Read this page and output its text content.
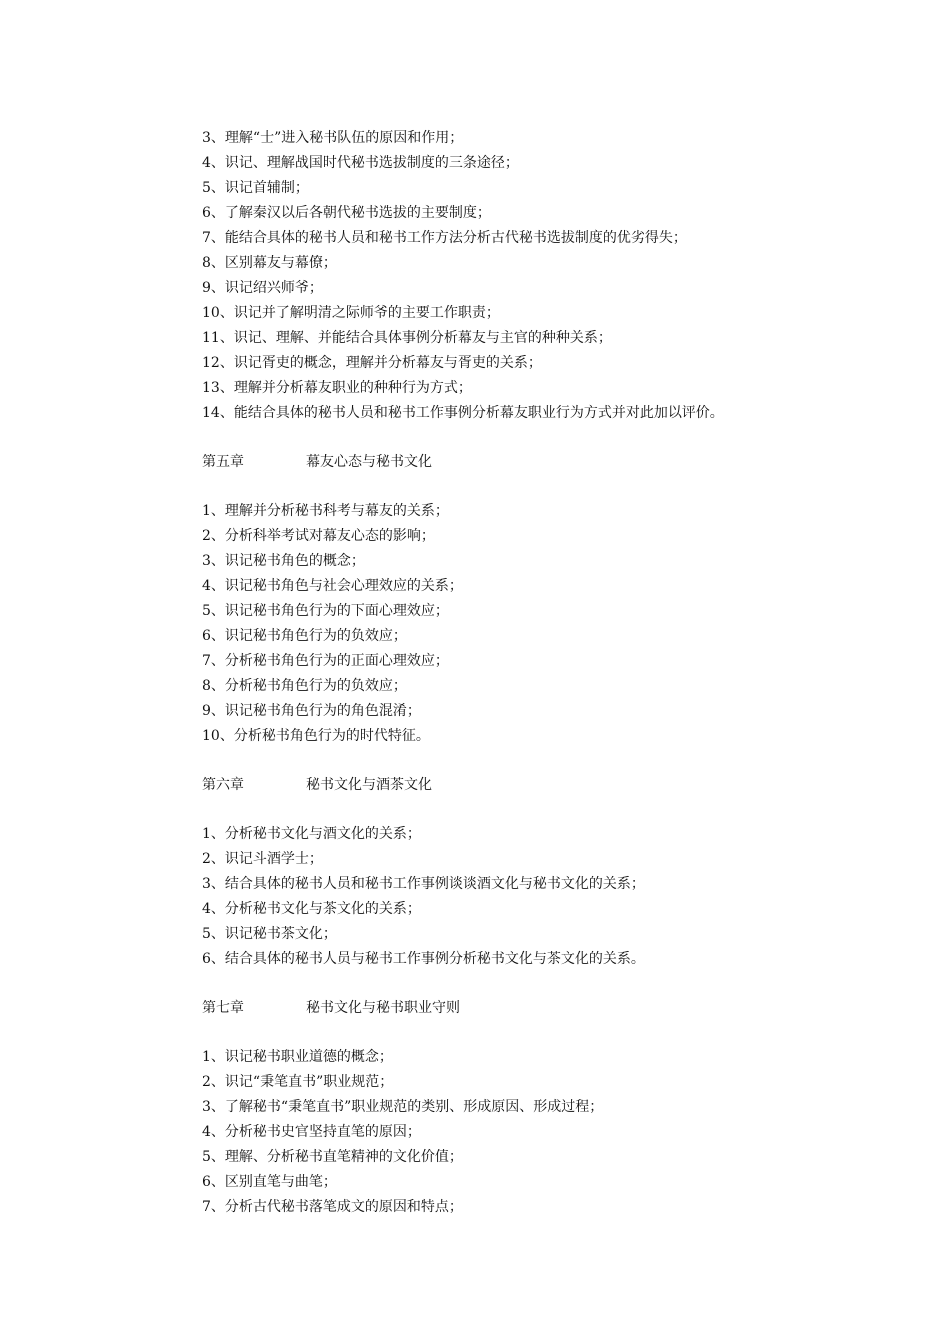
3、理解“士”进入秘书队伍的原因和作用；
4、识记、理解战国时代秘书选拔制度的三条途径；
5、识记首辅制；
6、了解秦汉以后各朝代秘书选拔的主要制度；
7、能结合具体的秘书人员和秘书工作方法分析古代秘书选拔制度的优劣得失；
8、区别幕友与幕僚；
9、识记绍兴师爷；
10、识记并了解明清之际师爷的主要工作职责；
11、识记、理解、并能结合具体事例分析幕友与主官的种种关系；
12、识记胥吏的概念，理解并分析幕友与胥吏的关系；
13、理解并分析幕友职业的种种行为方式；
14、能结合具体的秘书人员和秘书工作事例分析幕友职业行为方式并对此加以评价。
第五章	幕友心态与秘书文化
1、理解并分析秘书科考与幕友的关系；
2、分析科举考试对幕友心态的影响；
3、识记秘书角色的概念；
4、识记秘书角色与社会心理效应的关系；
5、识记秘书角色行为的下面心理效应；
6、识记秘书角色行为的负效应；
7、分析秘书角色行为的正面心理效应；
8、分析秘书角色行为的负效应；
9、识记秘书角色行为的角色混淆；
10、分析秘书角色行为的时代特征。
第六章	秘书文化与酒茶文化
1、分析秘书文化与酒文化的关系；
2、识记斗酒学士；
3、结合具体的秘书人员和秘书工作事例谈谈酒文化与秘书文化的关系；
4、分析秘书文化与茶文化的关系；
5、识记秘书茶文化；
6、结合具体的秘书人员与秘书工作事例分析秘书文化与茶文化的关系。
第七章	秘书文化与秘书职业守则
1、识记秘书职业道德的概念；
2、识记“秉笔直书”职业规范；
3、了解秘书“秉笔直书”职业规范的类别、形成原因、形成过程；
4、分析秘书史官坚持直笔的原因；
5、理解、分析秘书直笔精神的文化价值；
6、区别直笔与曲笔；
7、分析古代秘书落笔成文的原因和特点；
